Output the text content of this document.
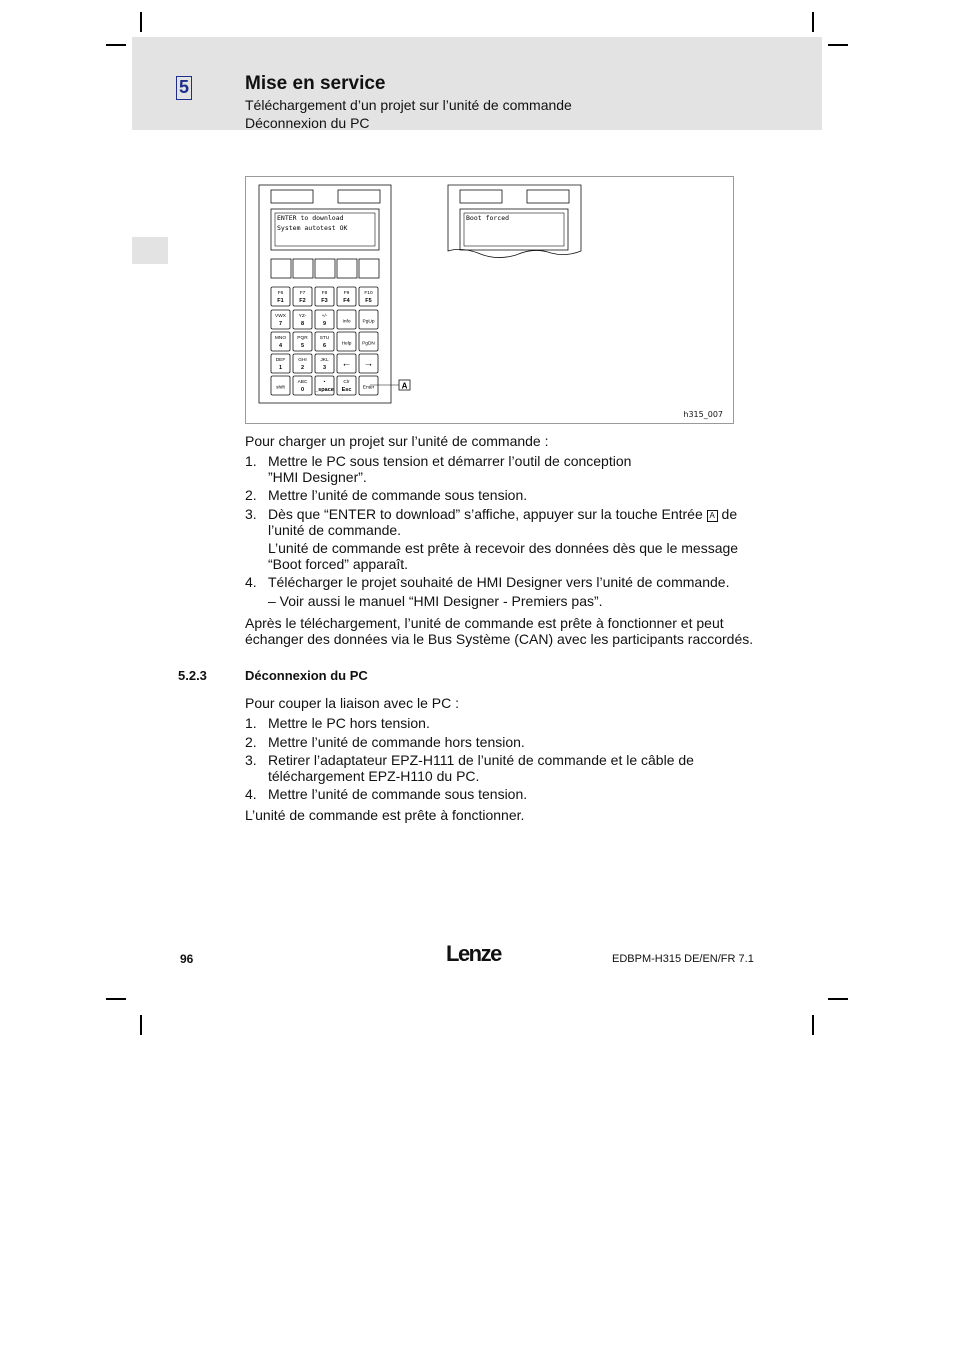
5	Mise en service
Téléchargement d’un projet sur l’unité de commande
Déconnexion du PC
ENTER to download
System autotest OK
F6
F1
F7
F2
F8
F3
F9
F4
F10
F5
VWX
7
YZ-
8
+/-
9	Info PgUp
MNO
4
PQR
5
STU
6	Help PgDN
DEF
1
GHI
2
JKL
3 ← →
shift
ABC
0
•
_space
Clr
Esc Enter	A
Boot forced
h315_007
Pour charger un projet sur l’unité de commande :
1. Mettre le PC sous tension et démarrer l’outil de conception
”HMI Designer”.
2. Mettre l’unité de commande sous tension.
3. Dès que “ENTER to download” s’affiche, appuyer sur la touche Entrée A de
l’unité de commande.
L’unité de commande est prête à recevoir des données dès que le message
“Boot forced” apparaît.
4. Télécharger le projet souhaité de HMI Designer vers l’unité de commande.
– Voir aussi le manuel “HMI Designer - Premiers pas”.
Après le téléchargement, l’unité de commande est prête à fonctionner et peut
échanger des données via le Bus Système (CAN) avec les participants raccordés.
5.2.3	Déconnexion du PC
Pour couper la liaison avec le PC :
1. Mettre le PC hors tension.
2. Mettre l’unité de commande hors tension.
3. Retirer l’adaptateur EPZ-H111 de l’unité de commande et le câble de
téléchargement EPZ-H110 du PC.
4. Mettre l’unité de commande sous tension.
L’unité de commande est prête à fonctionner.
96	Lenze	EDBPM-H315 DE/EN/FR 7.1
